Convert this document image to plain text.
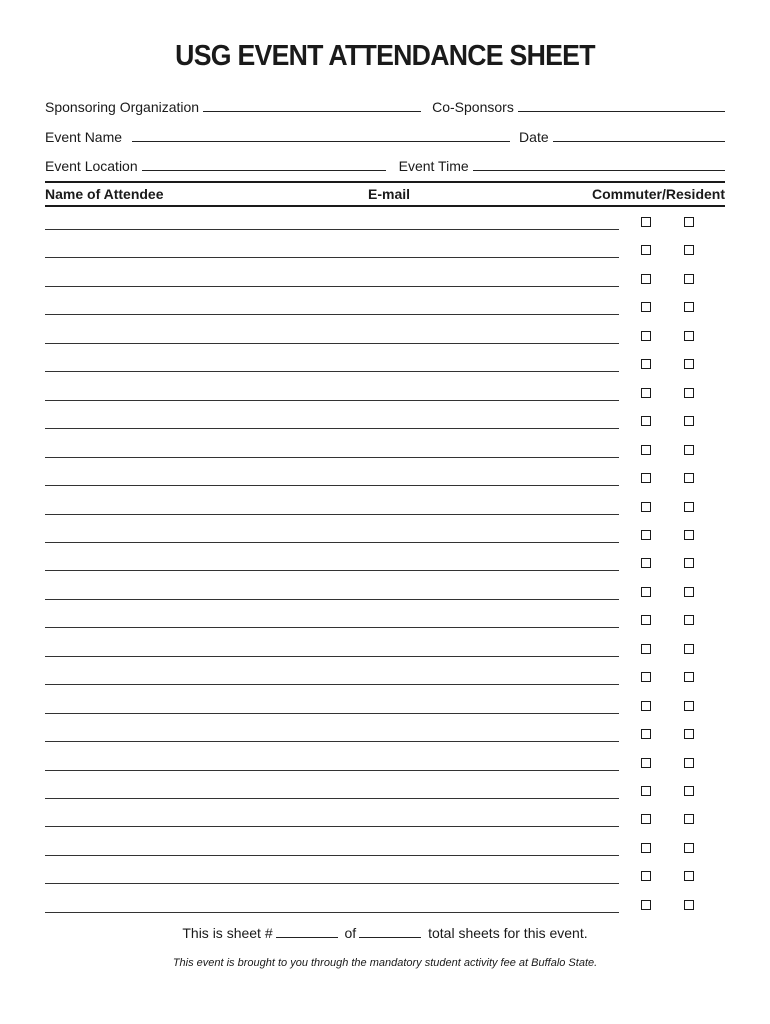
USG EVENT ATTENDANCE SHEET
Sponsoring Organization	Co-Sponsors
Event Name	Date
Event Location	Event Time
Name of Attendee	E-mail	Commuter/Resident
This is sheet #	of	total sheets for this event.
This event is brought to you through the mandatory student activity fee at Buffalo State.
